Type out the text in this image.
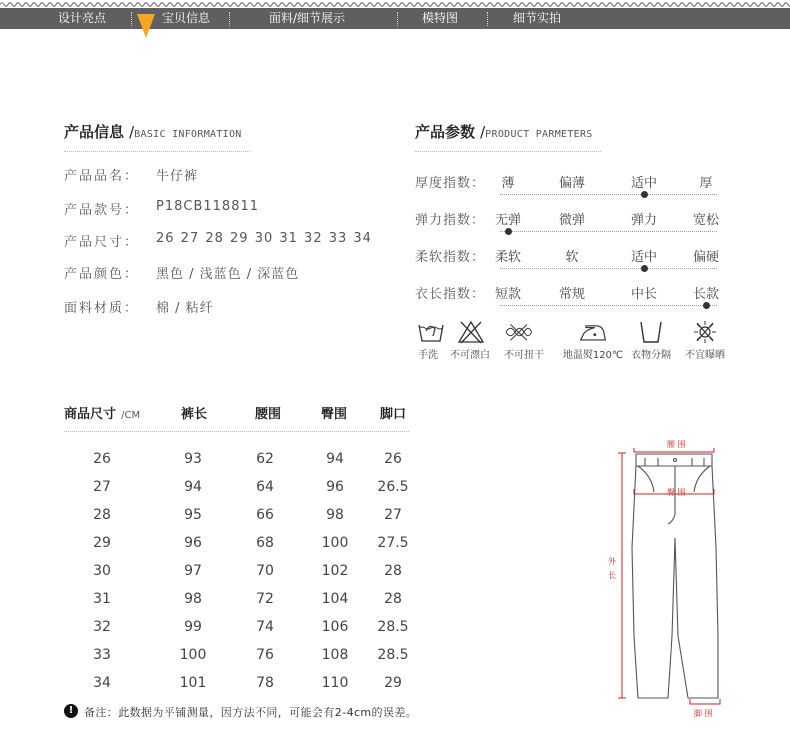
设计亮点	宝贝信息	面料/细节展示	模特图	细节实拍
产品信息 /BASIC INFORMATION
产品品名： 牛仔裤
产品款号： P18CB118811
产品尺寸： 26 27 28 29 30 31 32 33 34
产品颜色： 黑色 / 浅蓝色 / 深蓝色
面料材质： 棉 / 粘纤
产品参数 /PRODUCT PARMETERS
厚度指数：	薄	偏薄	适中	厚
弹力指数： 无弹	微弹	弹力	宽松
柔软指数： 柔软	软	适中	偏硬
衣长指数： 短款	常规	中长	长款
手洗	不可漂白	不可扭干	地温熨120℃ 衣物分隔	不宜曝晒
商品尺寸 /CM	裤长	腰围	臀围	脚口
26	93	62	94	26
27	94	64	96	26.5
28	95	66	98	27
29	96	68	100	27.5
30	97	70	102	28
31	98	72	104	28
32	99	74	106	28.5
33	100	76	108	28.5
34	101	78	110	29
! 备注：此数据为平铺测量，因方法不同，可能会有2-4cm的误差。
腰 围
臀 围
外
长
脚 围
